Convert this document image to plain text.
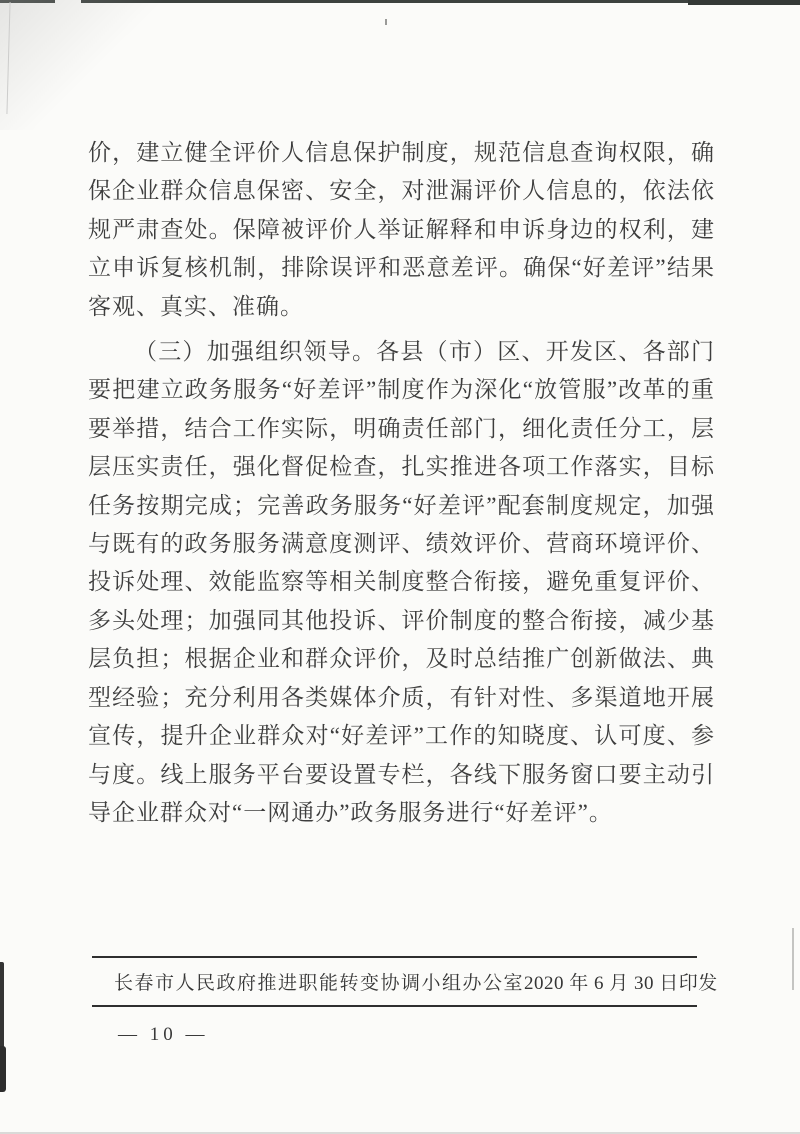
价，建立健全评价人信息保护制度，规范信息查询权限，确保企业群众信息保密、安全，对泄漏评价人信息的，依法依规严肃查处。保障被评价人举证解释和申诉身边的权利，建立申诉复核机制，排除误评和恶意差评。确保“好差评”结果客观、真实、准确。

（三）加强组织领导。各县（市）区、开发区、各部门要把建立政务服务“好差评”制度作为深化“放管服”改革的重要举措，结合工作实际，明确责任部门，细化责任分工，层层压实责任，强化督促检查，扎实推进各项工作落实，目标任务按期完成；完善政务服务“好差评”配套制度规定，加强与既有的政务服务满意度测评、绩效评价、营商环境评价、投诉处理、效能监察等相关制度整合衔接，避免重复评价、多头处理；加强同其他投诉、评价制度的整合衔接，减少基层负担；根据企业和群众评价，及时总结推广创新做法、典型经验；充分利用各类媒体介质，有针对性、多渠道地开展宣传，提升企业群众对“好差评”工作的知晓度、认可度、参与度。线上服务平台要设置专栏，各线下服务窗口要主动引导企业群众对“一网通办”政务服务进行“好差评”。

长春市人民政府推进职能转变协调小组办公室 2020 年 6 月 30 日印发
— 10 —
